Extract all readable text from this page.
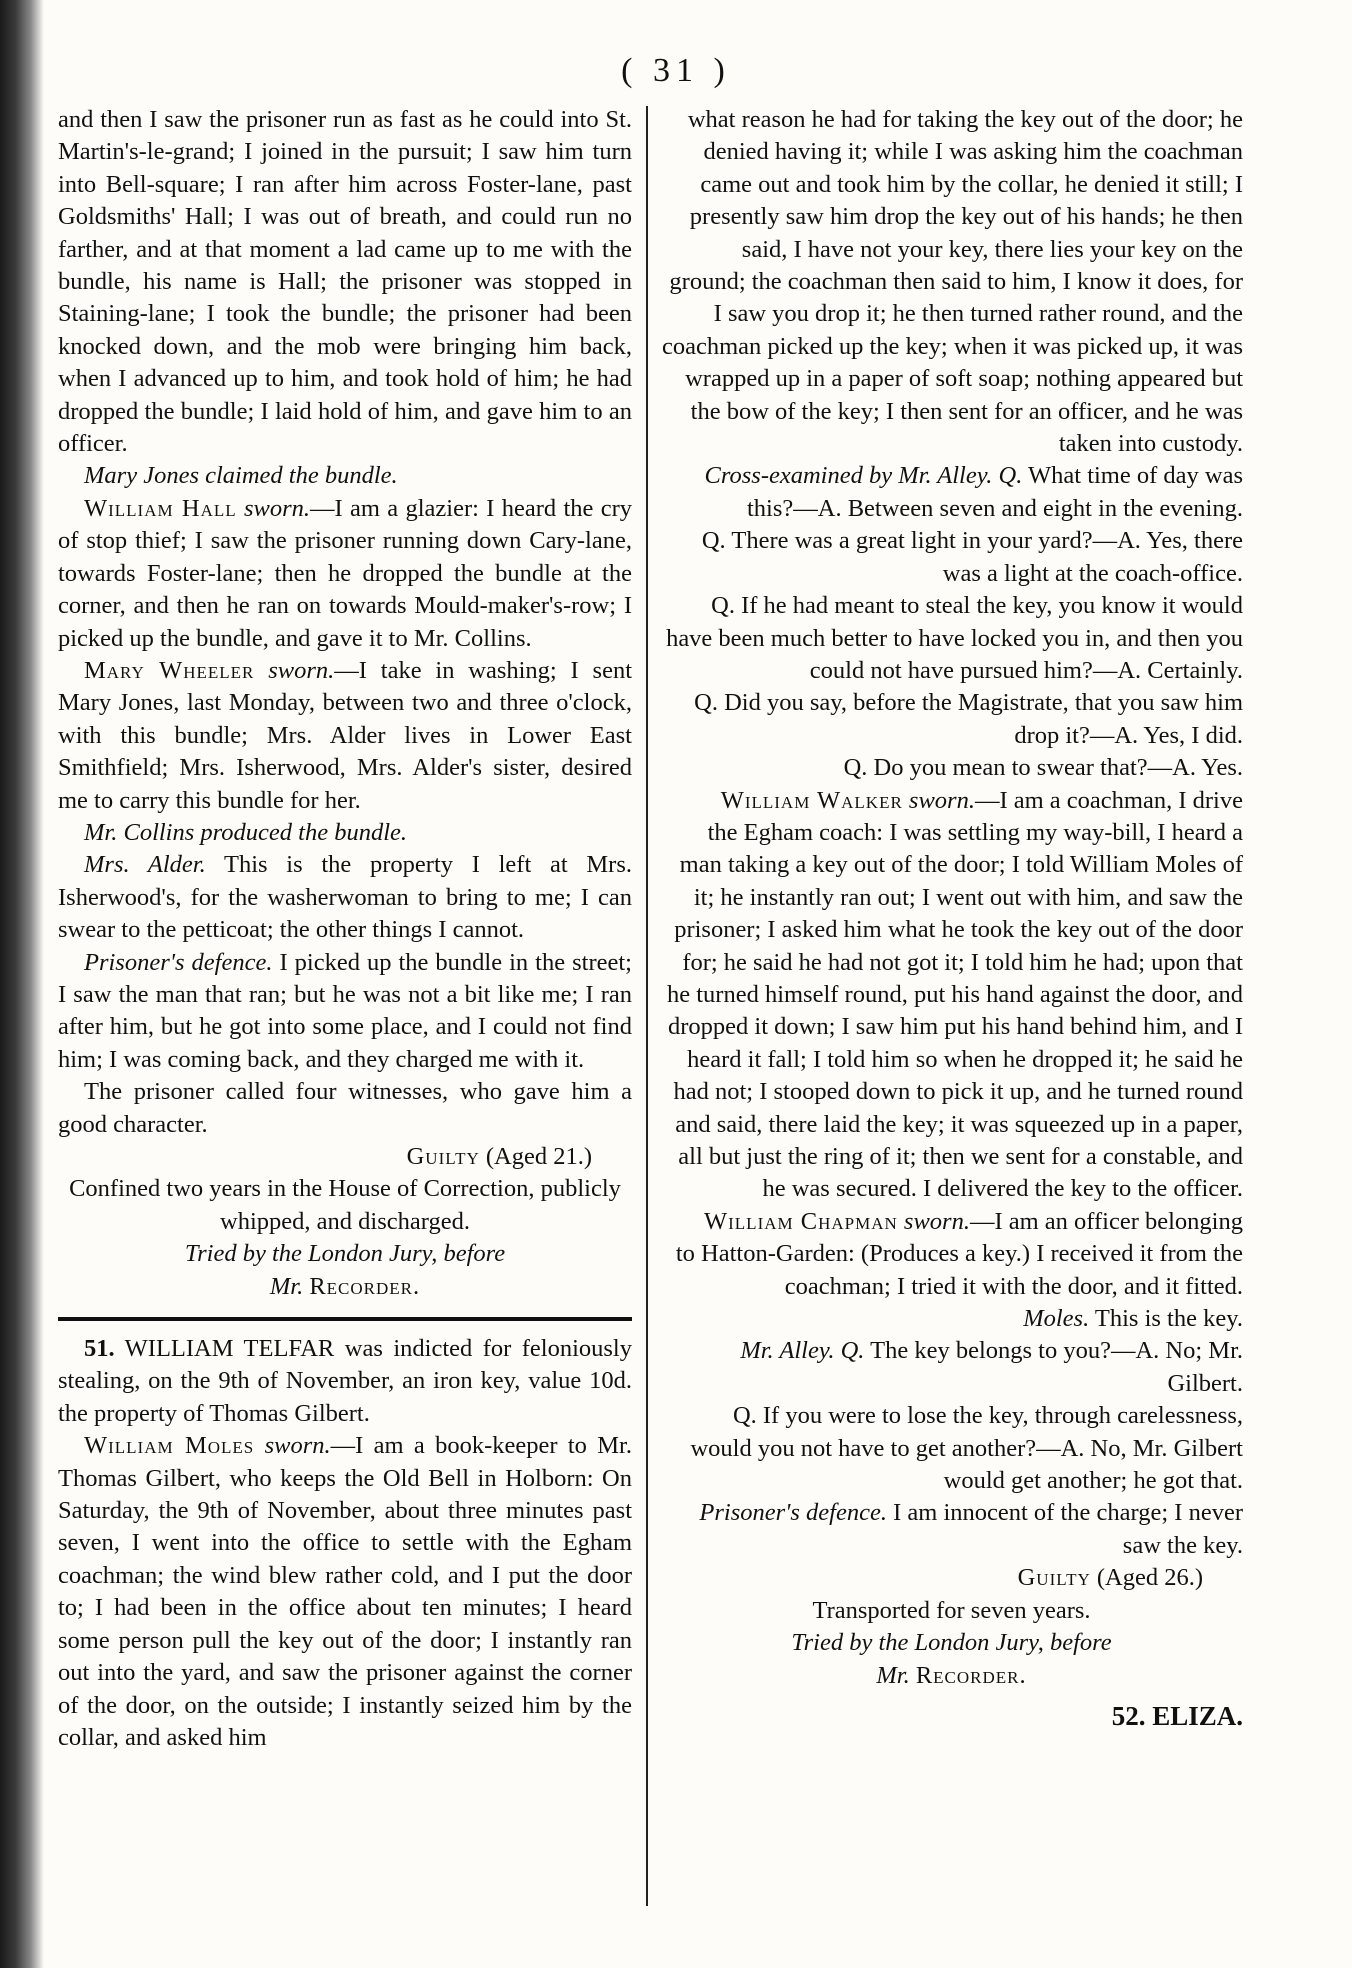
( 31 )

and then I saw the prisoner run as fast as he could into St. Martin's-le-grand; I joined in the pursuit; I saw him turn into Bell-square; I ran after him across Foster-lane, past Goldsmiths' Hall; I was out of breath, and could run no farther, and at that moment a lad came up to me with the bundle, his name is Hall; the prisoner was stopped in Staining-lane; I took the bundle; the prisoner had been knocked down, and the mob were bringing him back, when I advanced up to him, and took hold of him; he had dropped the bundle; I laid hold of him, and gave him to an officer.

Mary Jones claimed the bundle.

William Hall sworn.—I am a glazier: I heard the cry of stop thief; I saw the prisoner running down Cary-lane, towards Foster-lane; then he dropped the bundle at the corner, and then he ran on towards Mould-maker's-row; I picked up the bundle, and gave it to Mr. Collins.

Mary Wheeler sworn.—I take in washing; I sent Mary Jones, last Monday, between two and three o'clock, with this bundle; Mrs. Alder lives in Lower East Smithfield; Mrs. Isherwood, Mrs. Alder's sister, desired me to carry this bundle for her.

Mr. Collins produced the bundle.

Mrs. Alder. This is the property I left at Mrs. Isherwood's, for the washerwoman to bring to me; I can swear to the petticoat; the other things I cannot.

Prisoner's defence. I picked up the bundle in the street; I saw the man that ran; but he was not a bit like me; I ran after him, but he got into some place, and I could not find him; I was coming back, and they charged me with it.

The prisoner called four witnesses, who gave him a good character.

Guilty (Aged 21.)

Confined two years in the House of Correction, publicly whipped, and discharged.

Tried by the London Jury, before

Mr. Recorder.

51. WILLIAM TELFAR was indicted for feloniously stealing, on the 9th of November, an iron key, value 10d. the property of Thomas Gilbert.

William Moles sworn.—I am a book-keeper to Mr. Thomas Gilbert, who keeps the Old Bell in Holborn: On Saturday, the 9th of November, about three minutes past seven, I went into the office to settle with the Egham coachman; the wind blew rather cold, and I put the door to; I had been in the office about ten minutes; I heard some person pull the key out of the door; I instantly ran out into the yard, and saw the prisoner against the corner of the door, on the outside; I instantly seized him by the collar, and asked him

what reason he had for taking the key out of the door; he denied having it; while I was asking him the coachman came out and took him by the collar, he denied it still; I presently saw him drop the key out of his hands; he then said, I have not your key, there lies your key on the ground; the coachman then said to him, I know it does, for I saw you drop it; he then turned rather round, and the coachman picked up the key; when it was picked up, it was wrapped up in a paper of soft soap; nothing appeared but the bow of the key; I then sent for an officer, and he was taken into custody.

Cross-examined by Mr. Alley. Q. What time of day was this?—A. Between seven and eight in the evening.

Q. There was a great light in your yard?—A. Yes, there was a light at the coach-office.

Q. If he had meant to steal the key, you know it would have been much better to have locked you in, and then you could not have pursued him?—A. Certainly.

Q. Did you say, before the Magistrate, that you saw him drop it?—A. Yes, I did.

Q. Do you mean to swear that?—A. Yes.

William Walker sworn.—I am a coachman, I drive the Egham coach: I was settling my way-bill, I heard a man taking a key out of the door; I told William Moles of it; he instantly ran out; I went out with him, and saw the prisoner; I asked him what he took the key out of the door for; he said he had not got it; I told him he had; upon that he turned himself round, put his hand against the door, and dropped it down; I saw him put his hand behind him, and I heard it fall; I told him so when he dropped it; he said he had not; I stooped down to pick it up, and he turned round and said, there laid the key; it was squeezed up in a paper, all but just the ring of it; then we sent for a constable, and he was secured. I delivered the key to the officer.

William Chapman sworn.—I am an officer belonging to Hatton-Garden: (Produces a key.) I received it from the coachman; I tried it with the door, and it fitted.

Moles. This is the key.

Mr. Alley. Q. The key belongs to you?—A. No; Mr. Gilbert.

Q. If you were to lose the key, through carelessness, would you not have to get another?—A. No, Mr. Gilbert would get another; he got that.

Prisoner's defence. I am innocent of the charge; I never saw the key.

Guilty (Aged 26.)

Transported for seven years.

Tried by the London Jury, before

Mr. Recorder.

52. ELIZA.
